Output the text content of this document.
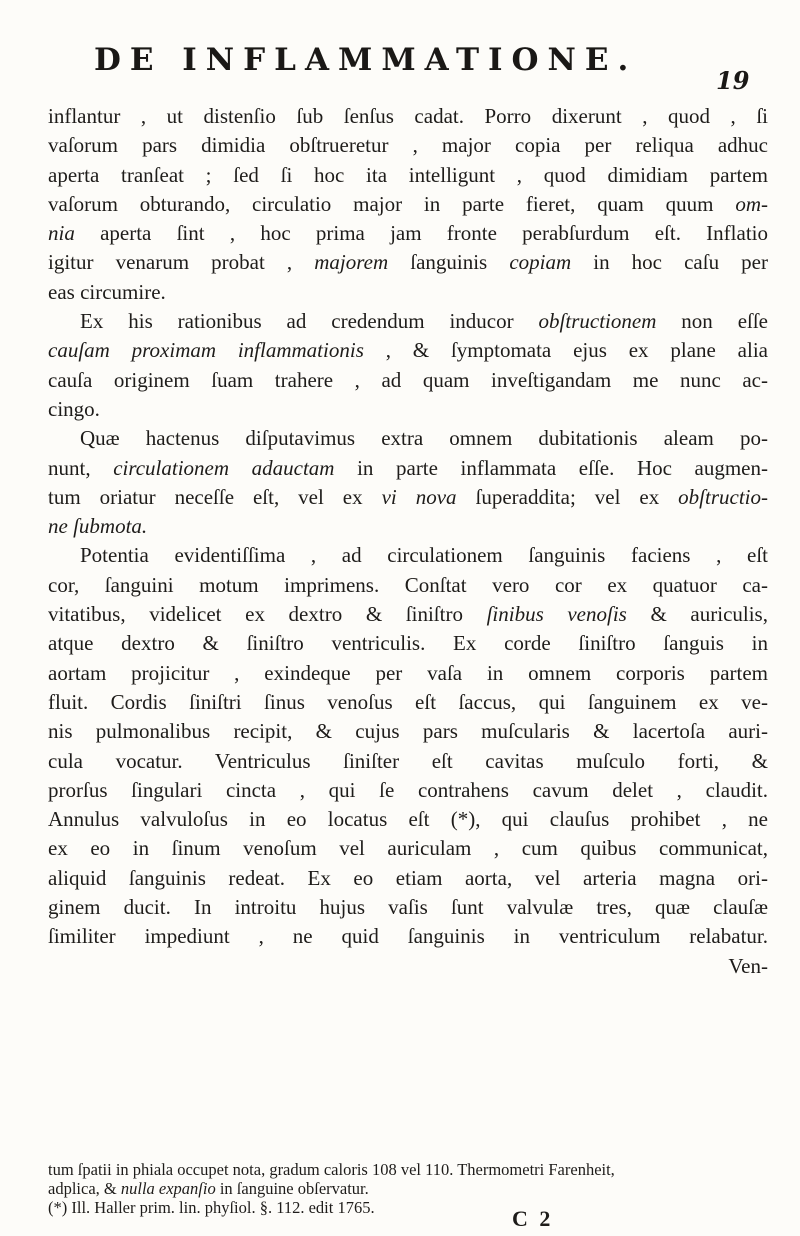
DE INFLAMMATIONE.
19
inflantur , ut distenſio ſub ſenſus cadat. Porro dixerunt , quod , ſi
vaſorum pars dimidia obſtrueretur , major copia per reliqua adhuc
aperta tranſeat ; ſed ſi hoc ita intelligunt , quod dimidiam partem
vaſorum obturando, circulatio major in parte fieret, quam quum om-
nia aperta ſint , hoc prima jam fronte perabſurdum eſt. Inflatio
igitur venarum probat , majorem ſanguinis copiam in hoc caſu per
eas circumire.
Ex his rationibus ad credendum inducor obſtructionem non eſſe
cauſam proximam inflammationis , & ſymptomata ejus ex plane alia
cauſa originem ſuam trahere , ad quam inveſtigandam me nunc ac-
cingo.
Quæ hactenus diſputavimus extra omnem dubitationis aleam po-
nunt, circulationem adauctam in parte inflammata eſſe. Hoc augmen-
tum oriatur neceſſe eſt, vel ex vi nova ſuperaddita; vel ex obſtructio-
ne ſubmota.
Potentia evidentiſſima , ad circulationem ſanguinis faciens , eſt
cor, ſanguini motum imprimens. Conſtat vero cor ex quatuor ca-
vitatibus, videlicet ex dextro & ſiniſtro ſinibus venoſis & auriculis,
atque dextro & ſiniſtro ventriculis. Ex corde ſiniſtro ſanguis in
aortam projicitur , exindeque per vaſa in omnem corporis partem
fluit. Cordis ſiniſtri ſinus venoſus eſt ſaccus, qui ſanguinem ex ve-
nis pulmonalibus recipit, & cujus pars muſcularis & lacertoſa auri-
cula vocatur. Ventriculus ſiniſter eſt cavitas muſculo forti, &
prorſus ſingulari cincta , qui ſe contrahens cavum delet , claudit.
Annulus valvuloſus in eo locatus eſt (*), qui clauſus prohibet , ne
ex eo in ſinum venoſum vel auriculam , cum quibus communicat,
aliquid ſanguinis redeat. Ex eo etiam aorta, vel arteria magna ori-
ginem ducit. In introitu hujus vaſis ſunt valvulæ tres, quæ clauſæ
ſimiliter impediunt , ne quid ſanguinis in ventriculum relabatur.
Ven-
tum ſpatii in phiala occupet nota, gradum caloris 108 vel 110. Thermometri Farenheit,
adplica, & nulla expanſio in ſanguine obſervatur.
(*) Ill. Haller prim. lin. phyſiol. §. 112. edit 1765.	C 2
